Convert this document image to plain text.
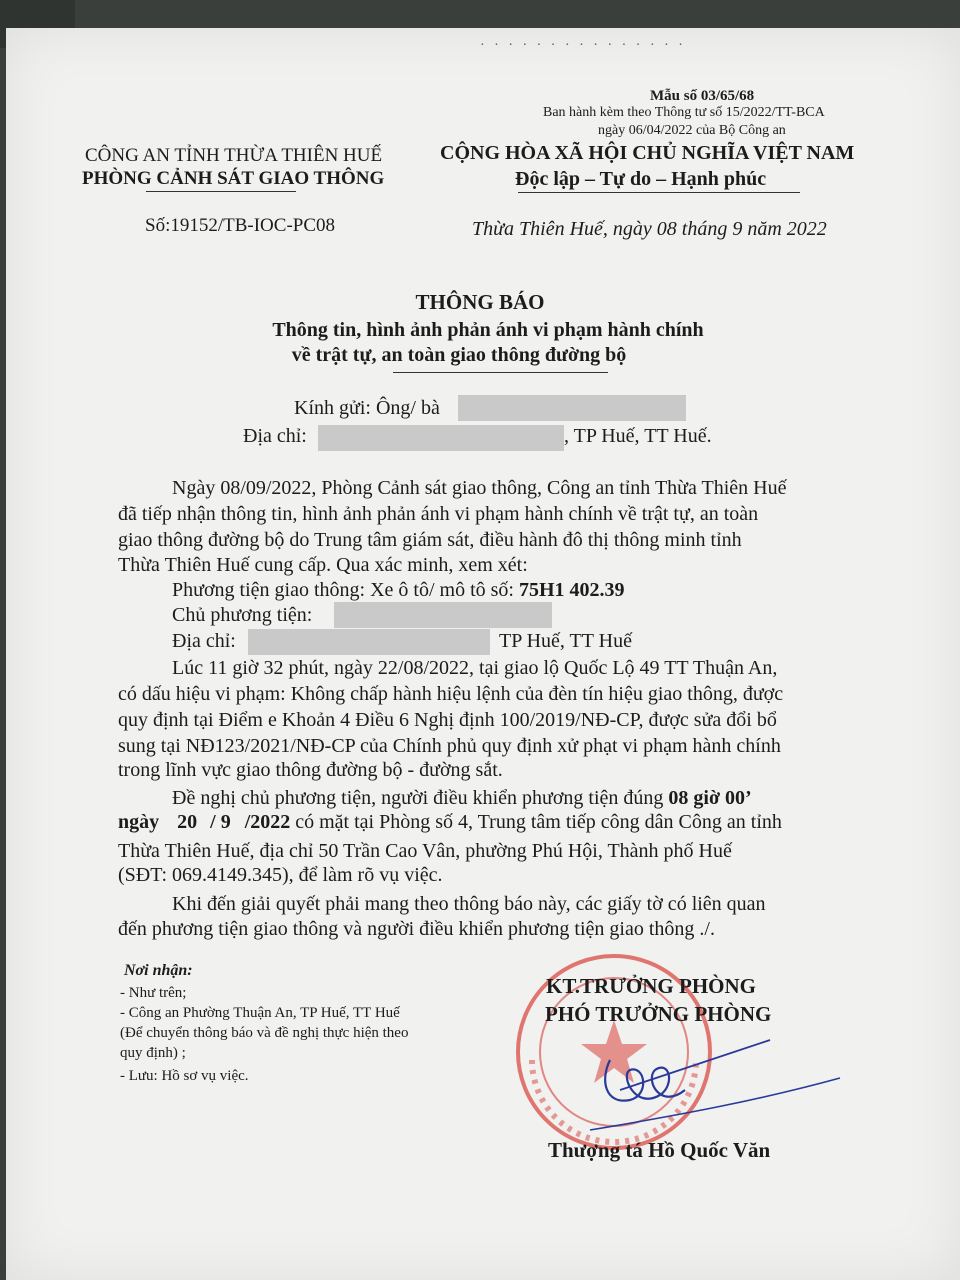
· · · · · · · · · · · · · · ·
Mẫu số 03/65/68
Ban hành kèm theo Thông tư số 15/2022/TT-BCA
ngày 06/04/2022 của Bộ Công an
CÔNG AN TỈNH THỪA THIÊN HUẾ
PHÒNG CẢNH SÁT GIAO THÔNG
CỘNG HÒA XÃ HỘI CHỦ NGHĨA VIỆT NAM
Độc lập – Tự do – Hạnh phúc
Số:19152/TB-IOC-PC08	Thừa Thiên Huế, ngày 08 tháng 9 năm 2022
THÔNG BÁO
Thông tin, hình ảnh phản ánh vi phạm hành chính
về trật tự, an toàn giao thông đường bộ
Kính gửi: Ông/ bà
Địa chỉ:	, TP Huế, TT Huế.
Ngày 08/09/2022, Phòng Cảnh sát giao thông, Công an tỉnh Thừa Thiên Huế
đã tiếp nhận thông tin, hình ảnh phản ánh vi phạm hành chính về trật tự, an toàn
giao thông đường bộ do Trung tâm giám sát, điều hành đô thị thông minh tỉnh
Thừa Thiên Huế cung cấp. Qua xác minh, xem xét:
Phương tiện giao thông: Xe ô tô/ mô tô số: 75H1 402.39
Chủ phương tiện:
Địa chỉ:	TP Huế, TT Huế
Lúc 11 giờ 32 phút, ngày 22/08/2022, tại giao lộ Quốc Lộ 49 TT Thuận An,
có dấu hiệu vi phạm: Không chấp hành hiệu lệnh của đèn tín hiệu giao thông, được
quy định tại Điểm e Khoản 4 Điều 6 Nghị định 100/2019/NĐ-CP, được sửa đổi bổ
sung tại NĐ123/2021/NĐ-CP của Chính phủ quy định xử phạt vi phạm hành chính
trong lĩnh vực giao thông đường bộ - đường sắt.
Đề nghị chủ phương tiện, người điều khiển phương tiện đúng 08 giờ 00’
ngày 20 / 9 /2022 có mặt tại Phòng số 4, Trung tâm tiếp công dân Công an tỉnh
Thừa Thiên Huế, địa chỉ 50 Trần Cao Vân, phường Phú Hội, Thành phố Huế
(SĐT: 069.4149.345), để làm rõ vụ việc.
Khi đến giải quyết phải mang theo thông báo này, các giấy tờ có liên quan
đến phương tiện giao thông và người điều khiển phương tiện giao thông ./.
Nơi nhận:
- Như trên;
- Công an Phường Thuận An, TP Huế, TT Huế
(Để chuyển thông báo và đề nghị thực hiện theo
quy định) ;
- Lưu: Hồ sơ vụ việc.
KT.TRƯỞNG PHÒNG
PHÓ TRƯỞNG PHÒNG
Thượng tá Hồ Quốc Văn
